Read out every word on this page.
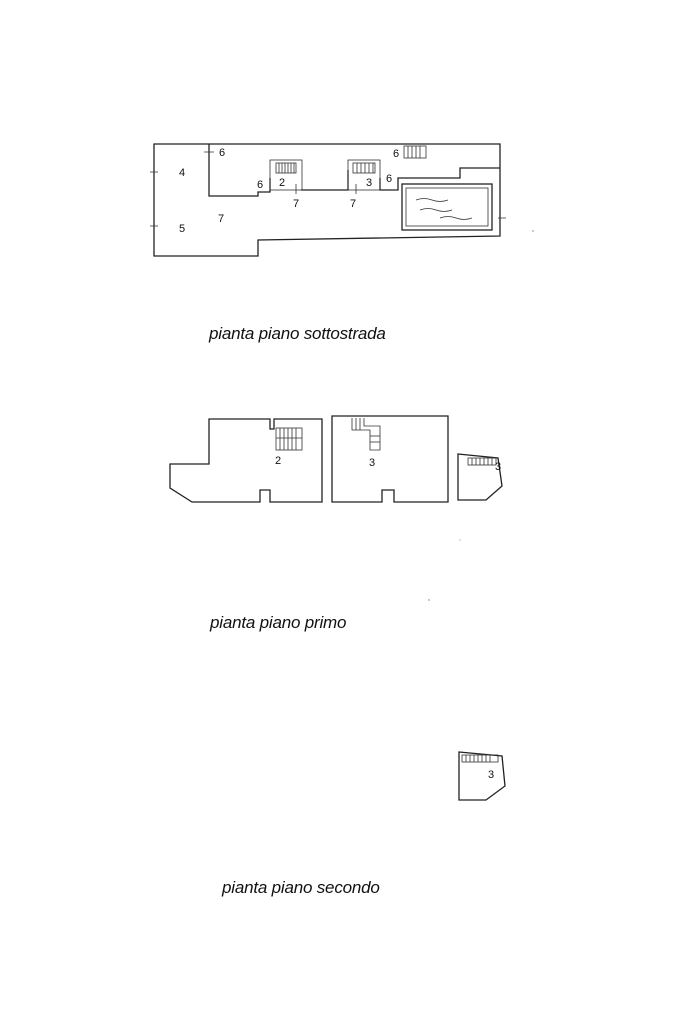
6
4
6 2	3 6
6
7	7
7
5
2	3	3
3
pianta piano sottostrada
pianta piano primo
pianta piano secondo
